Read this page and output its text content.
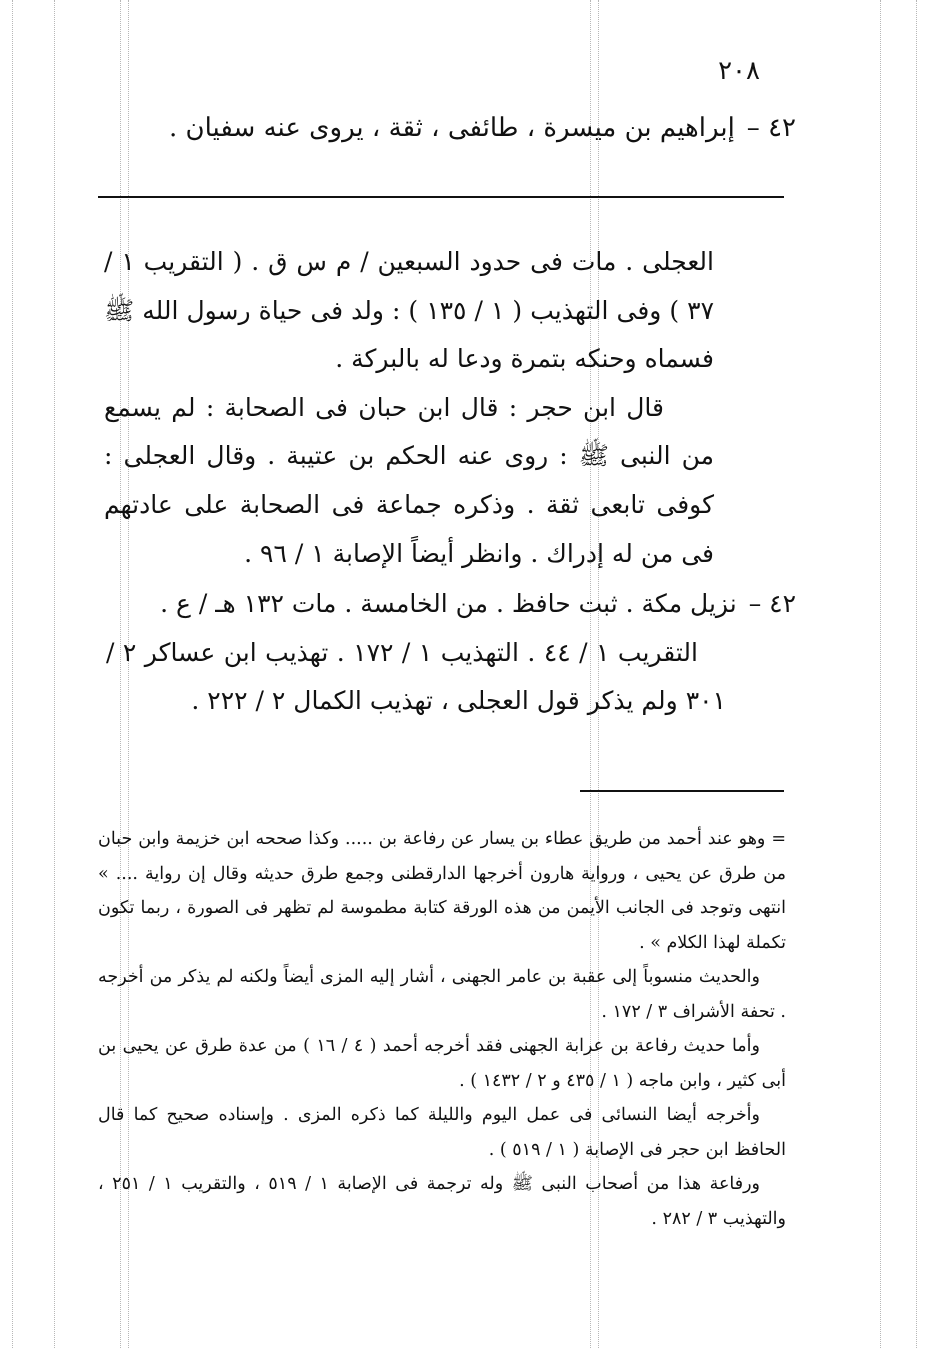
٢٠٨
٤٢ –إبراهيم بن ميسرة ، طائفى ، ثقة ، يروى عنه سفيان .

العجلى . مات فى حدود السبعين / م س ق . ( التقريب ١ / ٣٧ ) وفى التهذيب ( ١ / ١٣٥ ) : ولد فى حياة رسول الله ﷺ فسماه وحنكه بتمرة ودعا له بالبركة .

قال ابن حجر : قال ابن حبان فى الصحابة : لم يسمع من النبى ﷺ : روى عنه الحكم بن عتيبة . وقال العجلى : كوفى تابعى ثقة . وذكره جماعة فى الصحابة على عادتهم فى من له إدراك . وانظر أيضاً الإصابة ١ / ٩٦ .

٤٢ –نزيل مكة . ثبت حافظ . من الخامسة . مات ١٣٢ هـ / ع .

التقريب ١ / ٤٤ . التهذيب ١ / ١٧٢ . تهذيب ابن عساكر ٢ / ٣٠١ ولم يذكر قول العجلى ، تهذيب الكمال ٢ / ٢٢٢ .

= وهو عند أحمد من طريق عطاء بن يسار عن رفاعة بن ..... وكذا صححه ابن خزيمة وابن حبان من طرق عن يحيى ، ورواية هارون أخرجها الدارقطنى وجمع طرق حديثه وقال إن رواية .... » انتهى وتوجد فى الجانب الأيمن من هذه الورقة كتابة مطموسة لم تظهر فى الصورة ، ربما تكون تكملة لهذا الكلام » .

والحديث منسوباً إلى عقبة بن عامر الجهنى ، أشار إليه المزى أيضاً ولكنه لم يذكر من أخرجه . تحفة الأشراف ٣ / ١٧٢ .

وأما حديث رفاعة بن عرابة الجهنى فقد أخرجه أحمد ( ٤ / ١٦ ) من عدة طرق عن يحيى بن أبى كثير ، وابن ماجه ( ١ / ٤٣٥ و ٢ / ١٤٣٢ ) .

وأخرجه أيضا النسائى فى عمل اليوم والليلة كما ذكره المزى . وإسناده صحيح كما قال الحافظ ابن حجر فى الإصابة ( ١ / ٥١٩ ) .

ورفاعة هذا من أصحاب النبى ﷺ وله ترجمة فى الإصابة ١ / ٥١٩ ، والتقريب ١ / ٢٥١ ، والتهذيب ٣ / ٢٨٢ .
